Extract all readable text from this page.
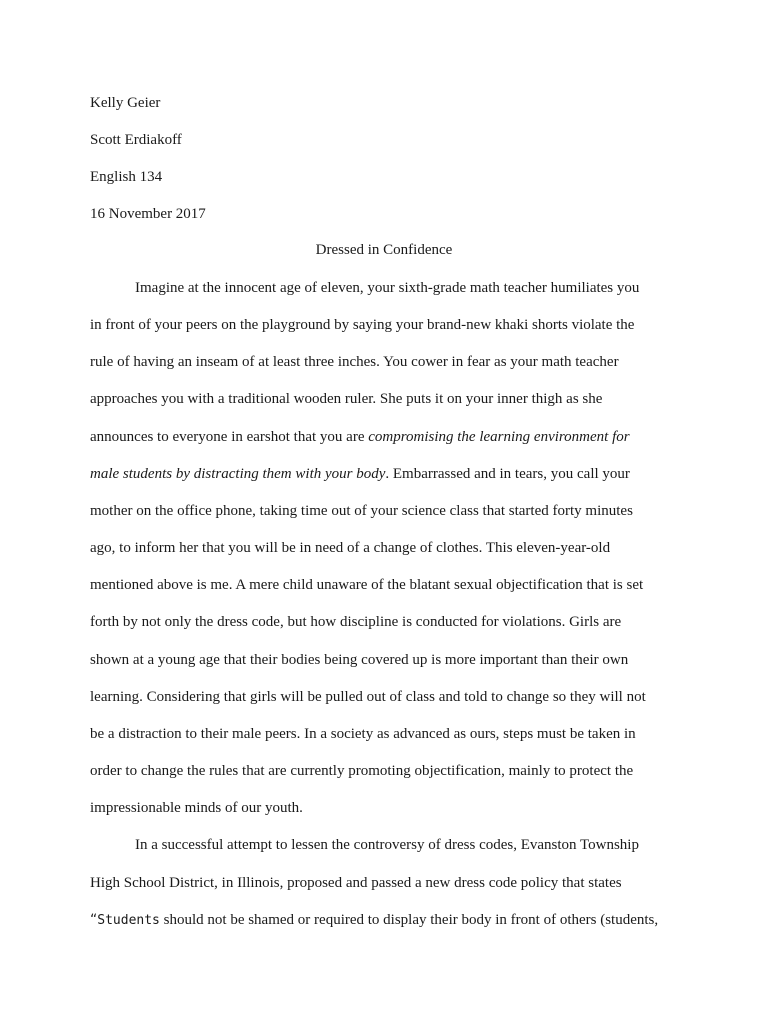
Kelly Geier
Scott Erdiakoff
English 134
16 November 2017
Dressed in Confidence
Imagine at the innocent age of eleven, your sixth-grade math teacher humiliates you
in front of your peers on the playground by saying your brand-new khaki shorts violate the
rule of having an inseam of at least three inches. You cower in fear as your math teacher
approaches you with a traditional wooden ruler. She puts it on your inner thigh as she
announces to everyone in earshot that you are compromising the learning environment for
male students by distracting them with your body. Embarrassed and in tears, you call your
mother on the office phone, taking time out of your science class that started forty minutes
ago, to inform her that you will be in need of a change of clothes. This eleven-year-old
mentioned above is me. A mere child unaware of the blatant sexual objectification that is set
forth by not only the dress code, but how discipline is conducted for violations. Girls are
shown at a young age that their bodies being covered up is more important than their own
learning. Considering that girls will be pulled out of class and told to change so they will not
be a distraction to their male peers. In a society as advanced as ours, steps must be taken in
order to change the rules that are currently promoting objectification, mainly to protect the
impressionable minds of our youth.
In a successful attempt to lessen the controversy of dress codes, Evanston Township
High School District, in Illinois, proposed and passed a new dress code policy that states
“Students should not be shamed or required to display their body in front of others (students,
